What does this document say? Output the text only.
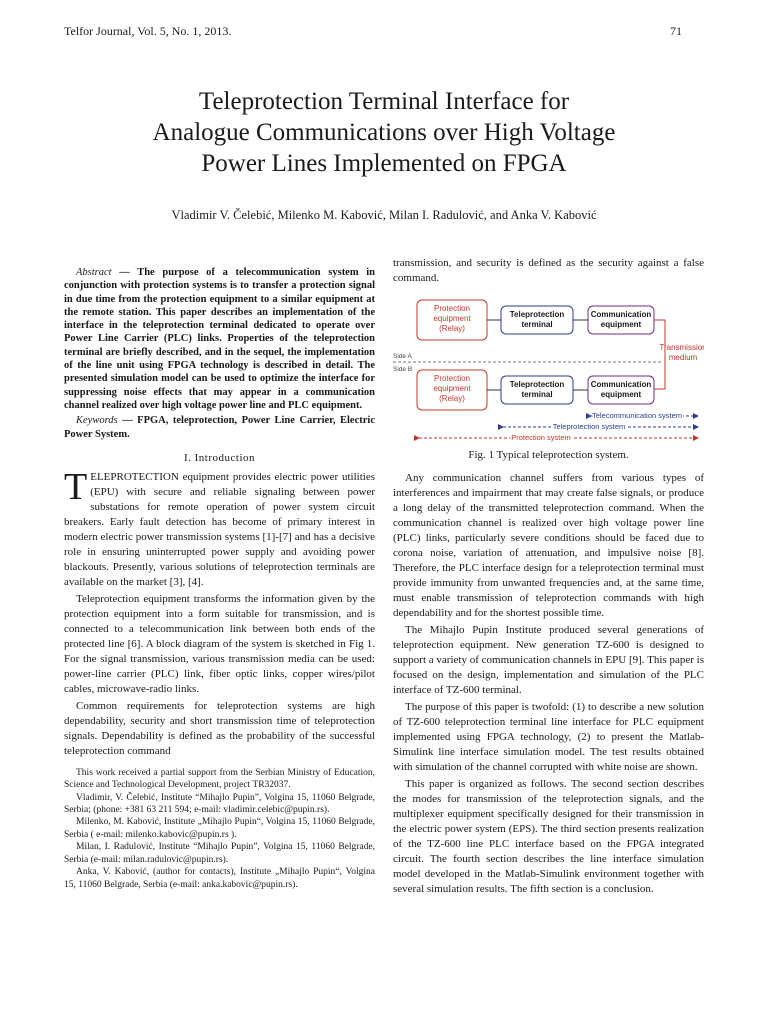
Telfor Journal, Vol. 5, No. 1, 2013.	71
Teleprotection Terminal Interface for
Analogue Communications over High Voltage
Power Lines Implemented on FPGA
Vladimir V. Čelebić, Milenko M. Kabović, Milan I. Radulović, and Anka V. Kabović

Abstract — The purpose of a telecommunication system in conjunction with protection systems is to transfer a protection signal in due time from the protection equipment to a similar equipment at the remote station. This paper describes an implementation of the interface in the teleprotection terminal dedicated to operate over Power Line Carrier (PLC) links. Properties of the teleprotection terminal are briefly described, and in the sequel, the implementation of the line unit using FPGA technology is described in detail. The presented simulation model can be used to optimize the interface for suppressing noise effects that may appear in a communication channel realized over high voltage power line and PLC equipment.

Keywords — FPGA, teleprotection, Power Line Carrier, Electric Power System.

I. Introduction

TELEPROTECTION equipment provides electric power utilities (EPU) with secure and reliable signaling between power substations for remote operation of power system circuit breakers. Early fault detection has become of primary interest in modern electric power transmission systems [1]-[7] and has a decisive role in ensuring uninterrupted power supply and avoiding power blackouts. Presently, various solutions of teleprotection terminals are available on the market [3], [4].

Teleprotection equipment transforms the information given by the protection equipment into a form suitable for transmission, and is connected to a telecommunication link between both ends of the protected line [6]. A block diagram of the system is sketched in Fig 1. For the signal transmission, various transmission media can be used: power-line carrier (PLC) link, fiber optic links, copper wires/pilot cables, microwave-radio links.

Common requirements for teleprotection systems are high dependability, security and short transmission time of teleprotection signals. Dependability is defined as the probability of the successful teleprotection command

This work received a partial support from the Serbian Ministry of Education, Science and Technological Development, project TR32037.

Vladimir, V. Čelebić, Institute “Mihajlo Pupin”, Volgina 15, 11060 Belgrade, Serbia; (phone: +381 63 211 594; e-mail: vladimir.celebic@pupin.rs).

Milenko, M. Kabović, Institute „Mihajlo Pupin“, Volgina 15, 11060 Belgrade, Serbia ( e-mail: milenko.kabovic@pupin.rs ).

Milan, I. Radulović, Institute “Mihajlo Pupin”, Volgina 15, 11060 Belgrade, Serbia (e-mail: milan.radulovic@pupin.rs).

Anka, V. Kabović, (author for contacts), Institute „Mihajlo Pupin“, Volgina 15, 11060 Belgrade, Serbia (e-mail: anka.kabovic@pupin.rs).

transmission, and security is defined as the security against a false command.

Protection
equipment
(Relay)
Teleprotection
terminal
Communication
equipment
Transmission
medium
Side A
Side B
Protection
equipment
(Relay)
Teleprotection
terminal
Communication
equipment
Telecommunication system
Teleprotection system
Protection system
Fig. 1 Typical teleprotection system.

Any communication channel suffers from various types of interferences and impairment that may create false signals, or produce a long delay of the transmitted teleprotection command. When the communication channel is realized over high voltage power line (PLC) links, particularly severe conditions should be faced due to corona noise, variation of attenuation, and impulsive noise [8]. Therefore, the PLC interface design for a teleprotection terminal must provide immunity from unwanted frequencies and, at the same time, must enable transmission of teleprotection commands with high dependability and for the shortest possible time.

The Mihajlo Pupin Institute produced several generations of teleprotection equipment. New generation TZ-600 is designed to support a variety of communication channels in EPU [9]. This paper is focused on the design, implementation and simulation of the PLC interface of TZ-600 terminal.

The purpose of this paper is twofold: (1) to describe a new solution of TZ-600 teleprotection terminal line interface for PLC equipment implemented using FPGA technology, (2) to present the Matlab-Simulink line interface simulation model. The test results obtained with simulation of the channel corrupted with white noise are shown.

This paper is organized as follows. The second section describes the modes for transmission of the teleprotection signals, and the multiplexer equipment specifically designed for their transmission in the electric power system (EPS). The third section presents realization of the TZ-600 line PLC interface based on the FPGA integrated circuit. The fourth section describes the line interface simulation model developed in the Matlab-Simulink environment together with several simulation results. The fifth section is a conclusion.
